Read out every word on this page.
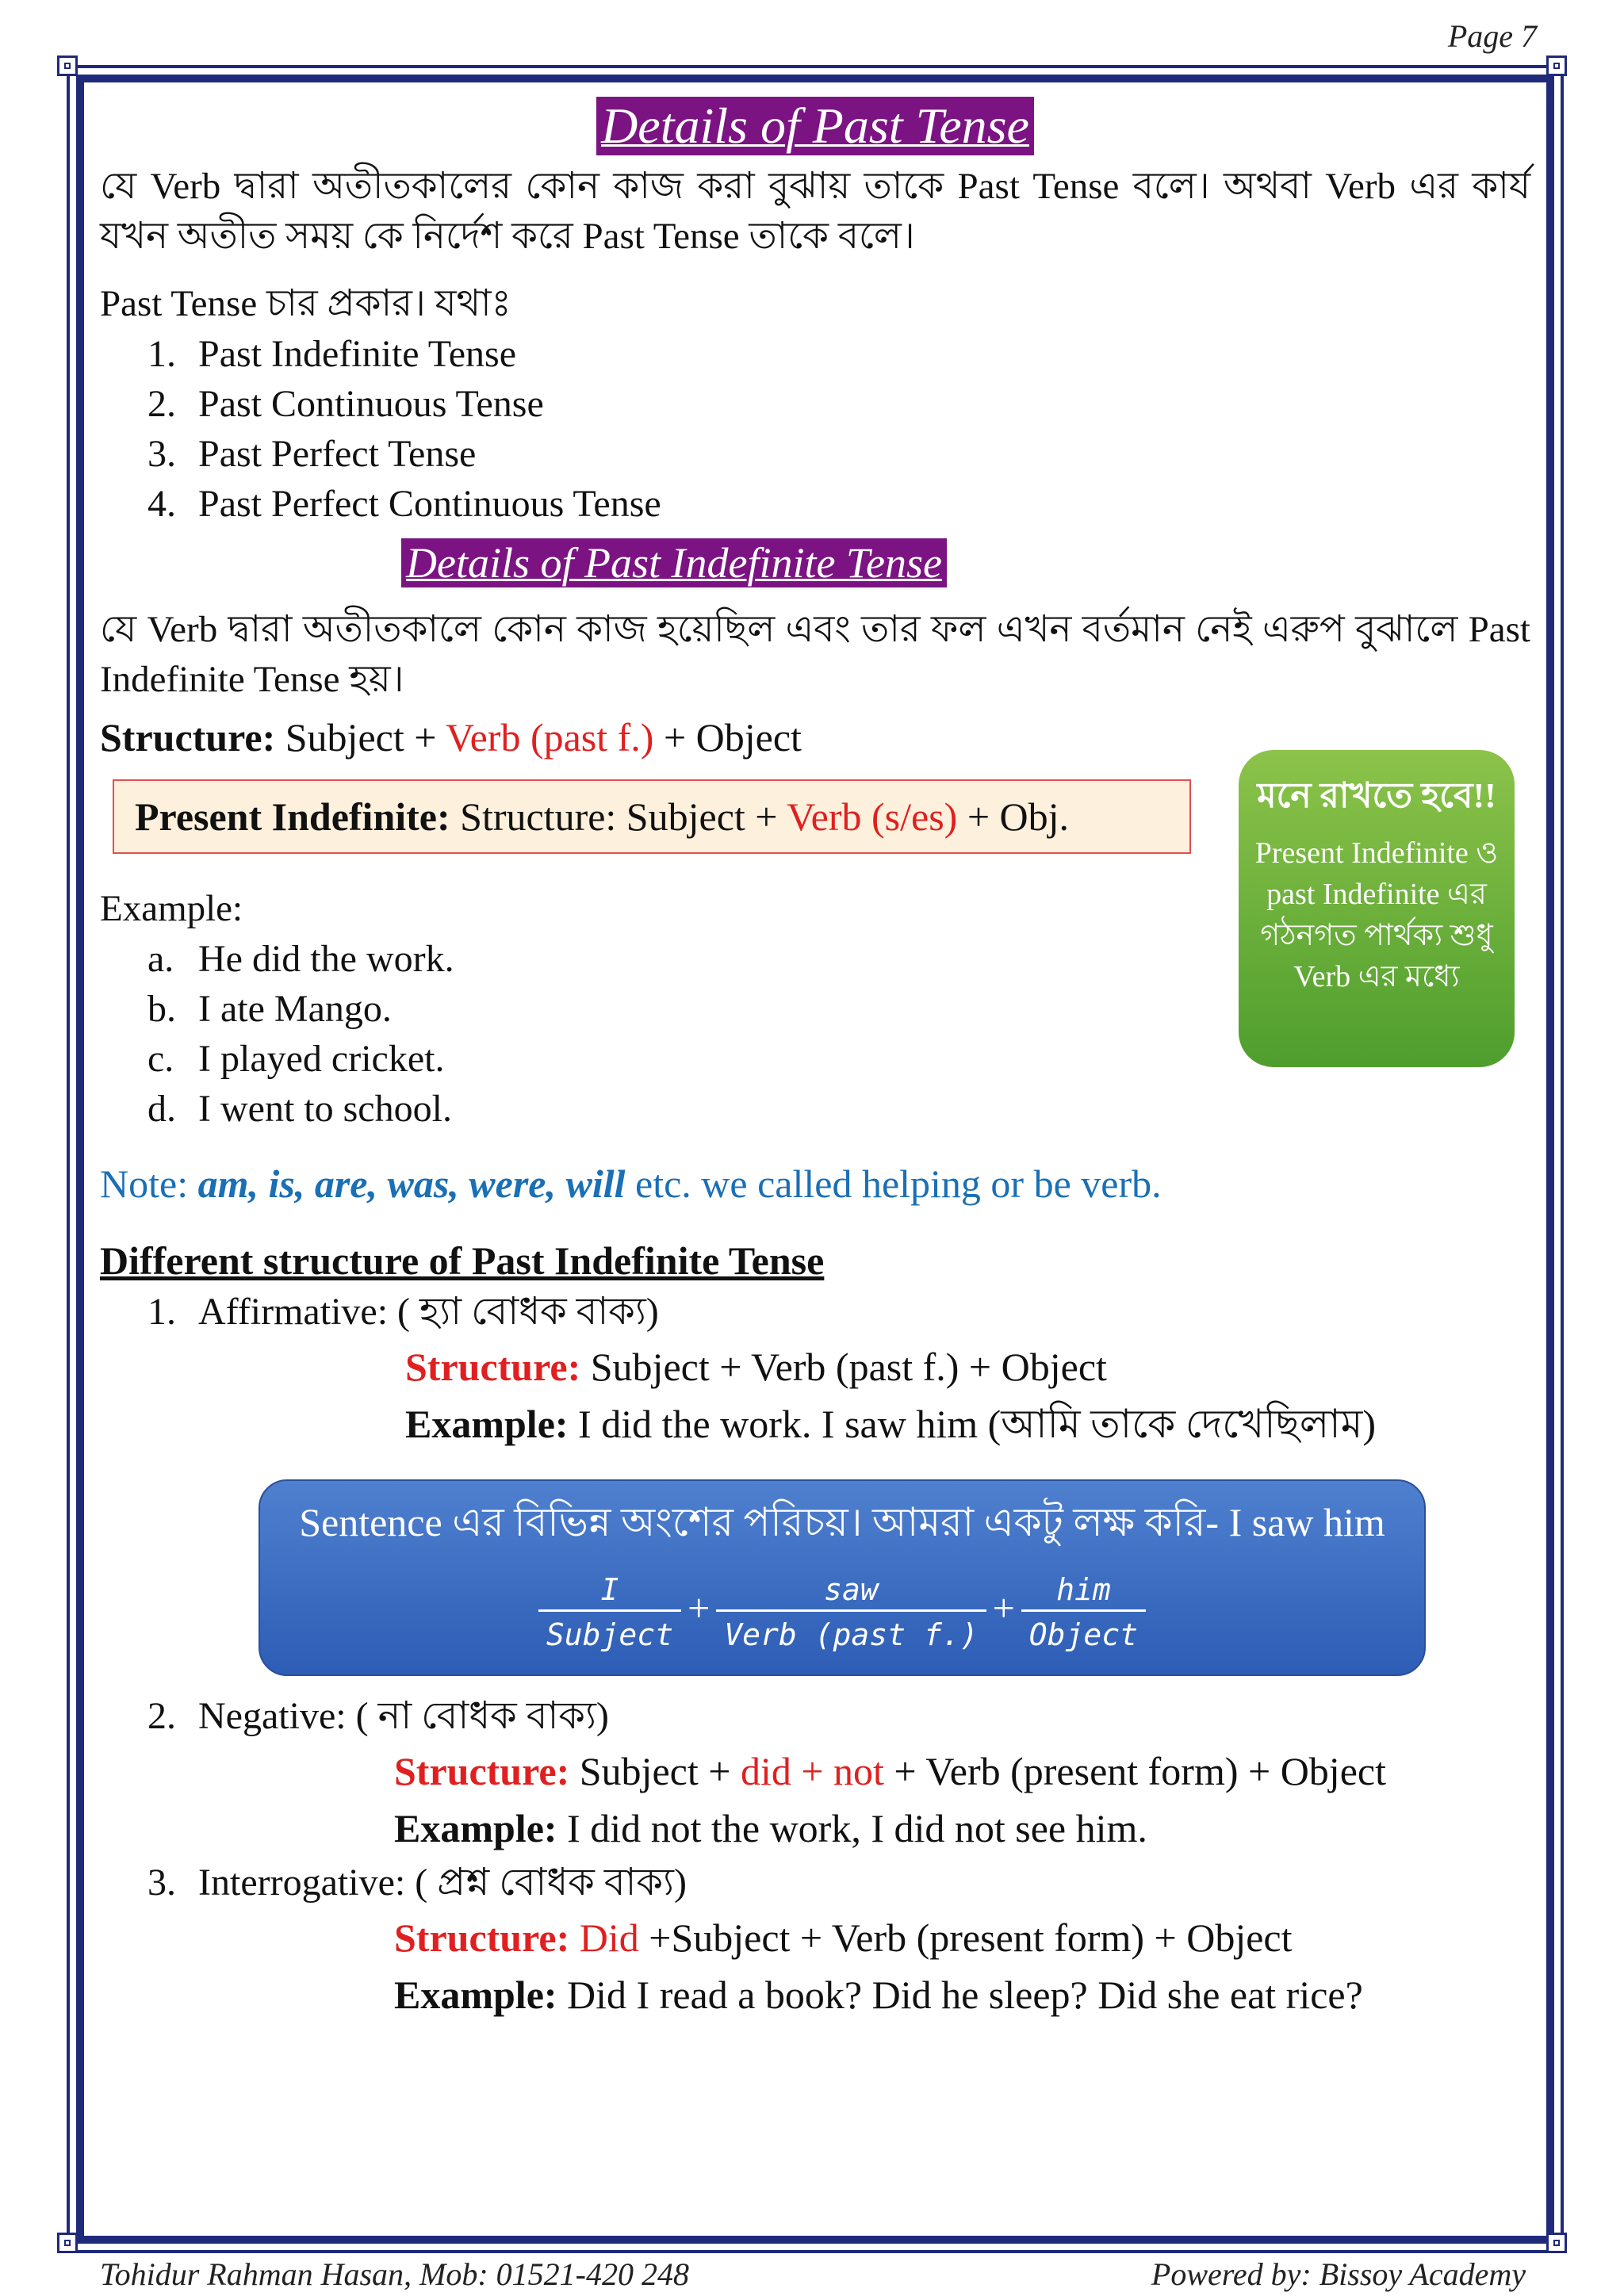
Page 7
Details of Past Tense

যে Verb দ্বারা অতীতকালের কোন কাজ করা বুঝায় তাকে Past Tense বলে। অথবা Verb এর কার্য যখন অতীত সময় কে নির্দেশ করে Past Tense তাকে বলে।

Past Tense চার প্রকার। যথাঃ

1. Past Indefinite Tense
2. Past Continuous Tense
3. Past Perfect Tense
4. Past Perfect Continuous Tense
Details of Past Indefinite Tense

যে Verb দ্বারা অতীতকালে কোন কাজ হয়েছিল এবং তার ফল এখন বর্তমান নেই এরুপ বুঝালে Past Indefinite Tense হয়।

Structure: Subject + Verb (past f.) + Object

Present Indefinite: Structure: Subject + Verb (s/es) + Obj.

Example:

a. He did the work.
b. I ate Mango.
c. I played cricket.
d. I went to school.

Note: am, is, are, was, were, will etc. we called helping or be verb.

Different structure of Past Indefinite Tense

1. Affirmative: ( হ্যা বোধক বাক্য)

Structure: Subject + Verb (past f.) + Object

Example: I did the work. I saw him (আমি তাকে দেখেছিলাম)

Sentence এর বিভিন্ন অংশের পরিচয়। আমরা একটু লক্ষ করি- I saw him
$\frac{I}{\text{Subject}} + \frac{\text{saw}}{\text{Verb (past f.)}} + \frac{\text{him}}{\text{Object}}$

2. Negative: ( না বোধক বাক্য)

Structure: Subject + did + not + Verb (present form) + Object

Example: I did not the work, I did not see him.

3. Interrogative: ( প্রশ্ন বোধক বাক্য)

Structure: Did +Subject + Verb (present form) + Object

Example: Did I read a book? Did he sleep? Did she eat rice?

মনে রাখতে হবে!!
Present Indefinite ও past Indefinite এর গঠনগত পার্থক্য শুধু Verb এর মধ্যে
Tohidur Rahman Hasan, Mob: 01521-420 248	Powered by: Bissoy Academy
